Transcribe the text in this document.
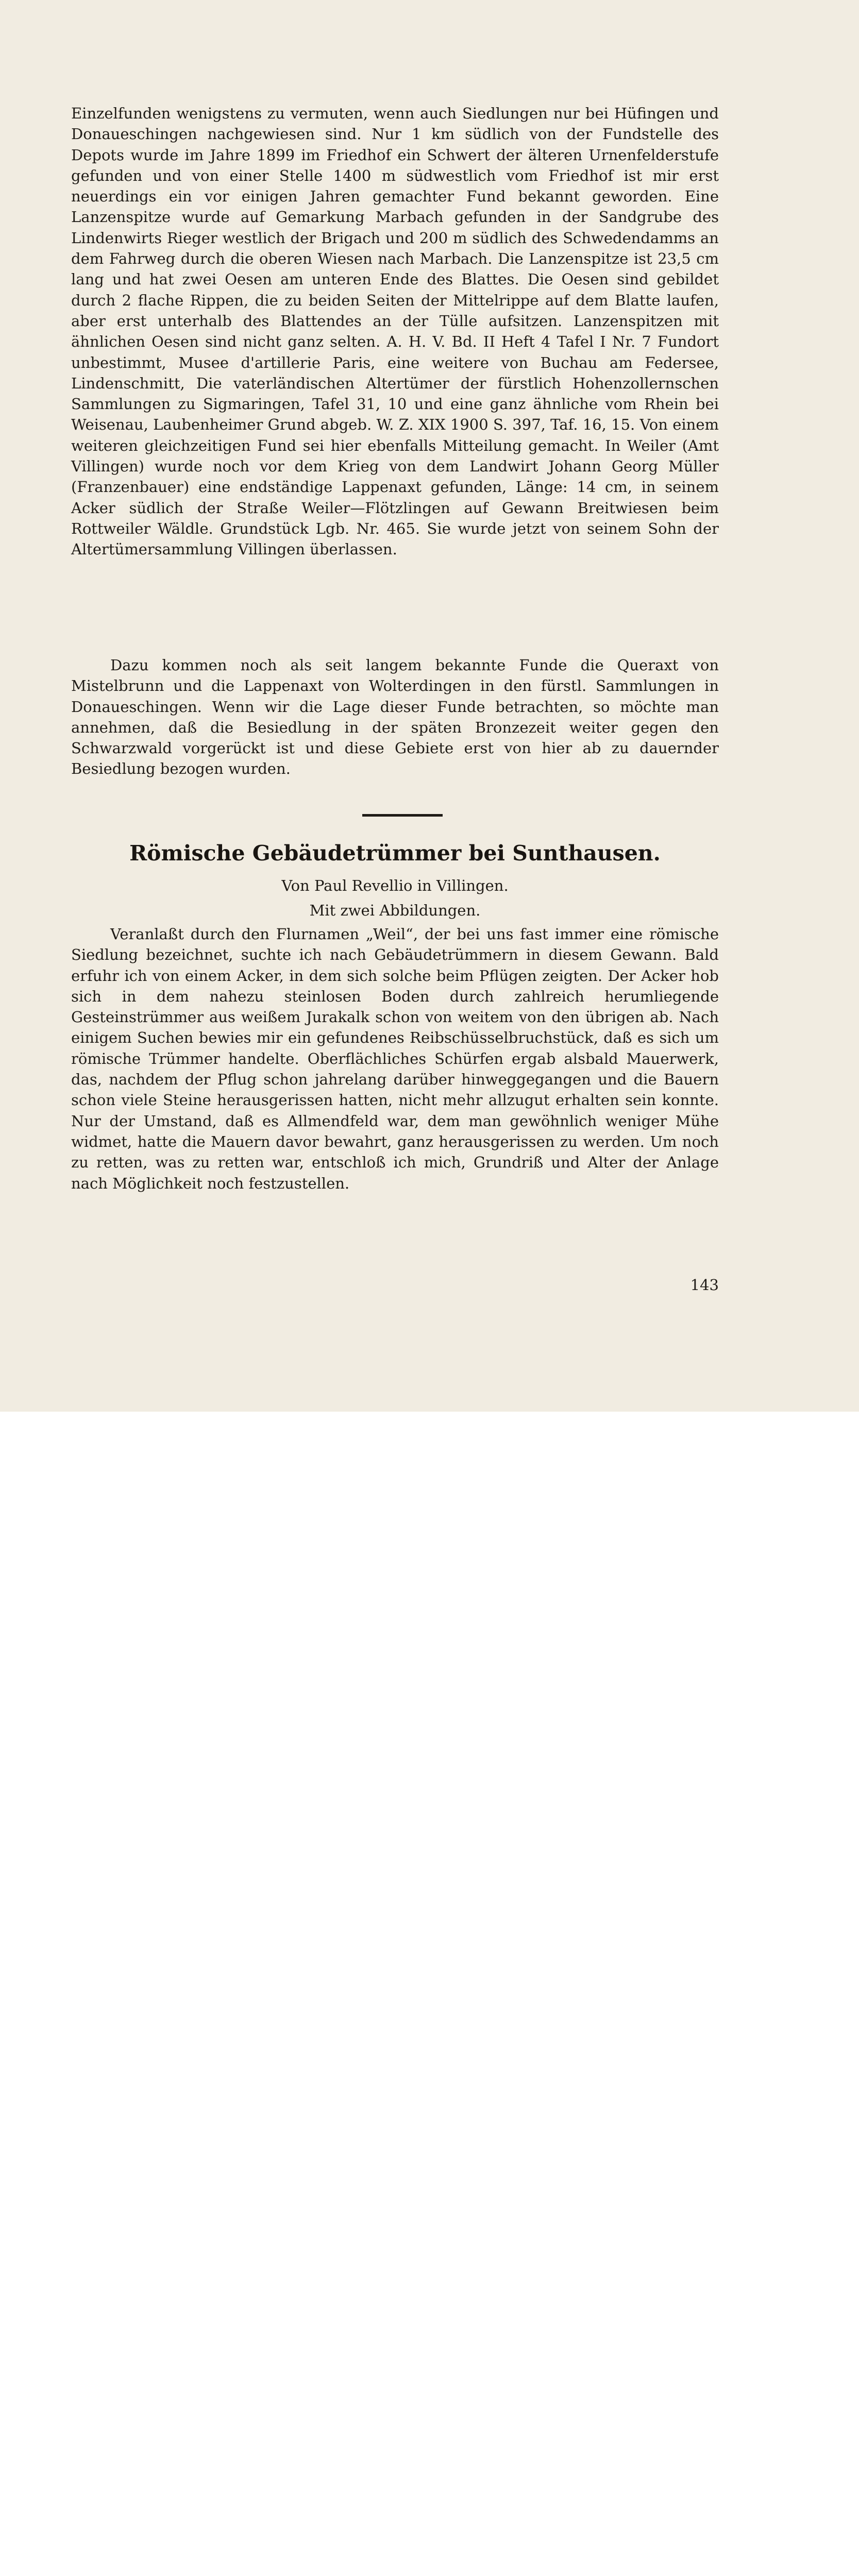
Einzelfunden wenigstens zu vermuten, wenn auch Siedlungen nur bei Hüfingen und Donaueschingen nachgewiesen sind. Nur 1 km südlich von der Fundstelle des Depots wurde im Jahre 1899 im Friedhof ein Schwert der älteren Urnenfelderstufe gefunden und von einer Stelle 1400 m südwestlich vom Friedhof ist mir erst neuerdings ein vor einigen Jahren gemachter Fund bekannt geworden. Eine Lanzenspitze wurde auf Gemarkung Marbach gefunden in der Sandgrube des Lindenwirts Rieger westlich der Brigach und 200 m südlich des Schwedendamms an dem Fahrweg durch die oberen Wiesen nach Marbach. Die Lanzenspitze ist 23,5 cm lang und hat zwei Oesen am unteren Ende des Blattes. Die Oesen sind gebildet durch 2 flache Rippen, die zu beiden Seiten der Mittelrippe auf dem Blatte laufen, aber erst unterhalb des Blattendes an der Tülle aufsitzen. Lanzenspitzen mit ähnlichen Oesen sind nicht ganz selten. A. H. V. Bd. II Heft 4 Tafel I Nr. 7 Fundort unbestimmt, Musee d'artillerie Paris, eine weitere von Buchau am Federsee, Lindenschmitt, Die vaterländischen Altertümer der fürstlich Hohenzollernschen Sammlungen zu Sigmaringen, Tafel 31, 10 und eine ganz ähnliche vom Rhein bei Weisenau, Laubenheimer Grund abgeb. W. Z. XIX 1900 S. 397, Taf. 16, 15. Von einem weiteren gleichzeitigen Fund sei hier ebenfalls Mitteilung gemacht. In Weiler (Amt Villingen) wurde noch vor dem Krieg von dem Landwirt Johann Georg Müller (Franzenbauer) eine endständige Lappenaxt gefunden, Länge: 14 cm, in seinem Acker südlich der Straße Weiler—Flötzlingen auf Gewann Breitwiesen beim Rottweiler Wäldle. Grundstück Lgb. Nr. 465. Sie wurde jetzt von seinem Sohn der Altertümersammlung Villingen überlassen.

Dazu kommen noch als seit langem bekannte Funde die Queraxt von Mistelbrunn und die Lappenaxt von Wolterdingen in den fürstl. Sammlungen in Donaueschingen. Wenn wir die Lage dieser Funde betrachten, so möchte man annehmen, daß die Besiedlung in der späten Bronzezeit weiter gegen den Schwarzwald vorgerückt ist und diese Gebiete erst von hier ab zu dauernder Besiedlung bezogen wurden.

Römische Gebäudetrümmer bei Sunthausen.
Von Paul Revellio in Villingen.
Mit zwei Abbildungen.

Veranlaßt durch den Flurnamen „Weil“, der bei uns fast immer eine römische Siedlung bezeichnet, suchte ich nach Gebäudetrümmern in diesem Gewann. Bald erfuhr ich von einem Acker, in dem sich solche beim Pflügen zeigten. Der Acker hob sich in dem nahezu steinlosen Boden durch zahlreich herumliegende Gesteinstrümmer aus weißem Jurakalk schon von weitem von den übrigen ab. Nach einigem Suchen bewies mir ein gefundenes Reibschüsselbruchstück, daß es sich um römische Trümmer handelte. Oberflächliches Schürfen ergab alsbald Mauerwerk, das, nachdem der Pflug schon jahrelang darüber hinweggegangen und die Bauern schon viele Steine herausgerissen hatten, nicht mehr allzugut erhalten sein konnte. Nur der Umstand, daß es Allmendfeld war, dem man gewöhnlich weniger Mühe widmet, hatte die Mauern davor bewahrt, ganz herausgerissen zu werden. Um noch zu retten, was zu retten war, entschloß ich mich, Grundriß und Alter der Anlage nach Möglichkeit noch festzustellen.

143
